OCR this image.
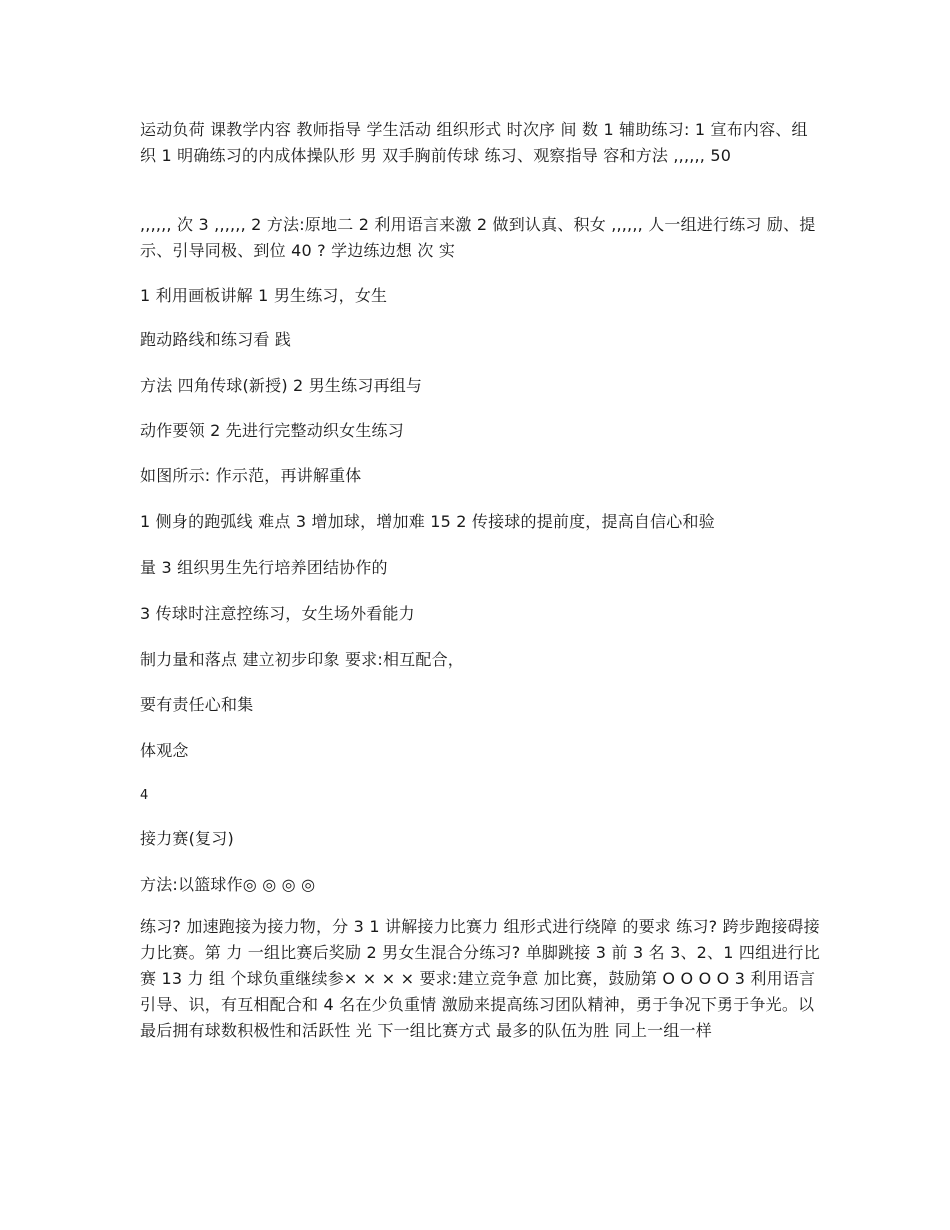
运动负荷 课教学内容 教师指导 学生活动 组织形式 时次序 间 数 1 辅助练习: 1 宣布内容、组织 1 明确练习的内成体操队形 男 双手胸前传球 练习、观察指导 容和方法 ,,,,,, 50

,,,,,, 次 3 ,,,,,, 2 方法:原地二 2 利用语言来激 2 做到认真、积女 ,,,,,, 人一组进行练习 励、提示、引导同极、到位 40 ? 学边练边想 次 实

1 利用画板讲解 1 男生练习，女生

跑动路线和练习看 践

方法 四角传球(新授) 2 男生练习再组与

动作要领 2 先进行完整动织女生练习

如图所示: 作示范，再讲解重体

1 侧身的跑弧线 难点 3 增加球，增加难 15 2 传接球的提前度，提高自信心和验

量 3 组织男生先行培养团结协作的

3 传球时注意控练习，女生场外看能力

制力量和落点 建立初步印象 要求:相互配合，

要有责任心和集

体观念

4

接力赛(复习)

方法:以篮球作◎ ◎ ◎ ◎

练习? 加速跑接为接力物，分 3 1 讲解接力比赛力 组形式进行绕障 的要求 练习? 跨步跑接碍接力比赛。第 力 一组比赛后奖励 2 男女生混合分练习? 单脚跳接 3 前 3 名 3、2、1 四组进行比赛 13 力 组 个球负重继续参× × × × 要求:建立竞争意 加比赛，鼓励第 O O O O 3 利用语言引导、识，有互相配合和 4 名在少负重情 激励来提高练习团队精神，勇于争况下勇于争光。以最后拥有球数积极性和活跃性 光 下一组比赛方式 最多的队伍为胜 同上一组一样
